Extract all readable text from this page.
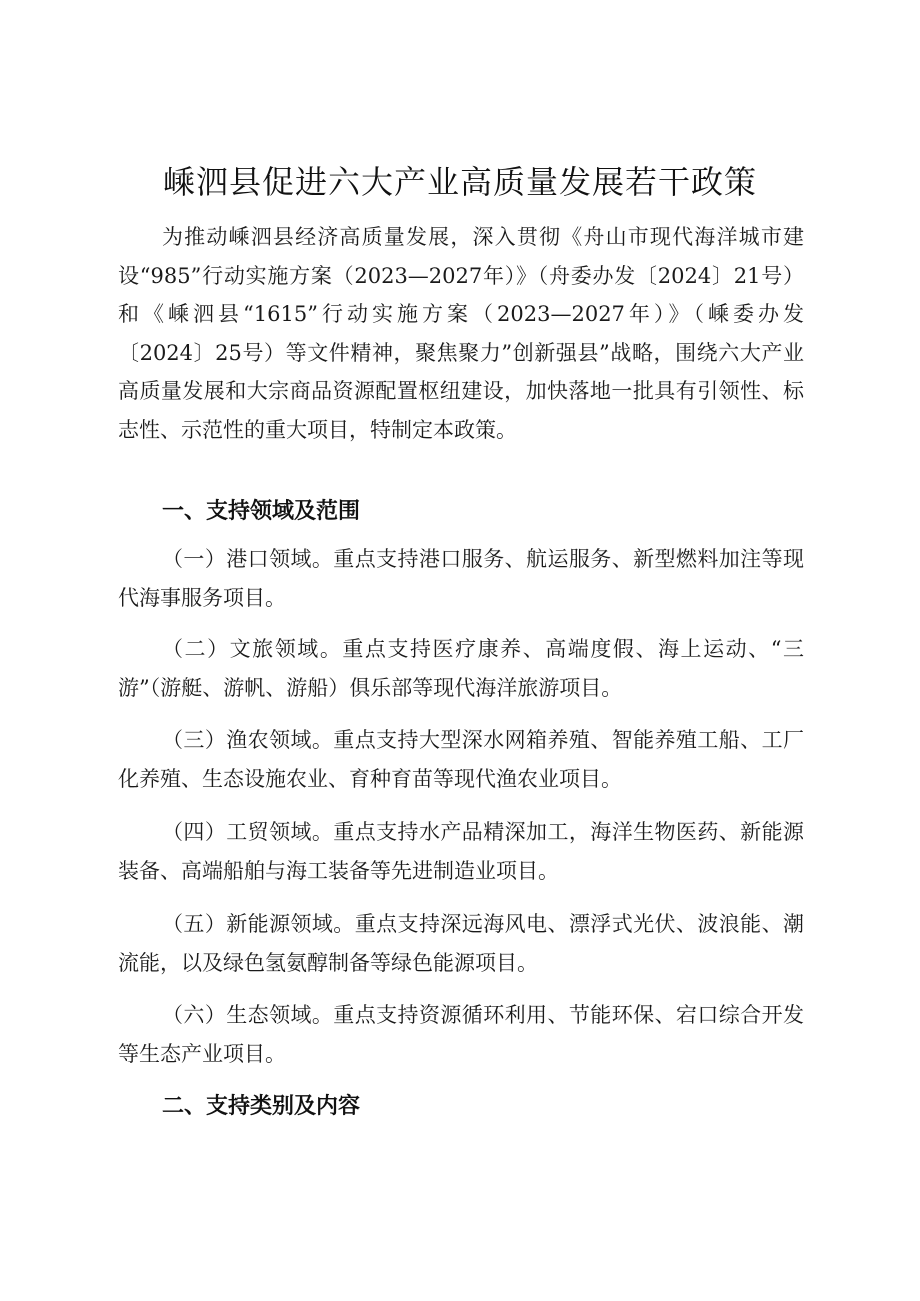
嵊泗县促进六大产业高质量发展若干政策

为推动嵊泗县经济高质量发展，深入贯彻《舟山市现代海洋城市建设“985”行动实施方案（2023—2027年）》（舟委办发〔2024〕21号）和《嵊泗县“1615”行动实施方案（2023—2027年）》（嵊委办发〔2024〕25号）等文件精神，聚焦聚力”创新强县”战略，围绕六大产业高质量发展和大宗商品资源配置枢纽建设，加快落地一批具有引领性、标志性、示范性的重大项目，特制定本政策。

一、支持领域及范围

（一）港口领域。重点支持港口服务、航运服务、新型燃料加注等现代海事服务项目。

（二）文旅领域。重点支持医疗康养、高端度假、海上运动、“三游”（游艇、游帆、游船）俱乐部等现代海洋旅游项目。

（三）渔农领域。重点支持大型深水网箱养殖、智能养殖工船、工厂化养殖、生态设施农业、育种育苗等现代渔农业项目。

（四）工贸领域。重点支持水产品精深加工，海洋生物医药、新能源装备、高端船舶与海工装备等先进制造业项目。

（五）新能源领域。重点支持深远海风电、漂浮式光伏、波浪能、潮流能，以及绿色氢氨醇制备等绿色能源项目。

（六）生态领域。重点支持资源循环利用、节能环保、宕口综合开发等生态产业项目。

二、支持类别及内容
